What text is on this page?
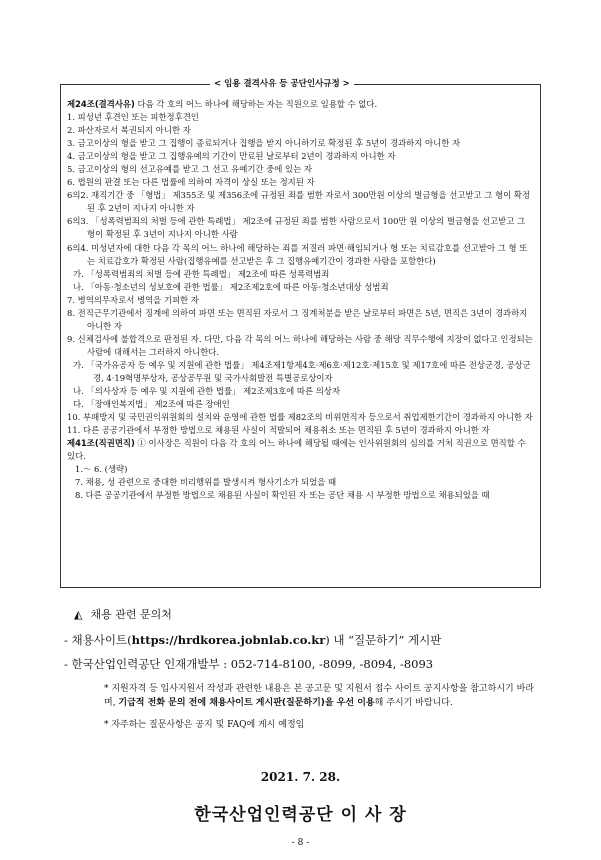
< 임용 결격사유 등 공단인사규정 >

제24조(결격사유) 다음 각 호의 어느 하나에 해당하는 자는 직원으로 임용할 수 없다.

1. 피성년 후견인 또는 피한정후견인

2. 파산자로서 복권되지 아니한 자

3. 금고이상의 형을 받고 그 집행이 종료되거나 집행을 받지 아니하기로 확정된 후 5년이 경과하지 아니한 자

4. 금고이상의 형을 받고 그 집행유예의 기간이 만료된 날로부터 2년이 경과하지 아니한 자

5. 금고이상의 형의 선고유예를 받고 그 선고 유예기간 중에 있는 자

6. 법원의 판결 또는 다른 법률에 의하여 자격이 상실 또는 정지된 자

6의2. 재직기간 중 「형법」 제355조 및 제356조에 규정된 죄를 범한 자로서 300만원 이상의 벌금형을 선고받고 그 형이 확정된 후 2년이 지나지 아니한 자

6의3. 「성폭력범죄의 처벌 등에 관한 특례법」 제2조에 규정된 죄를 범한 사람으로서 100만 원 이상의 벌금형을 선고받고 그 형이 확정된 후 3년이 지나지 아니한 사람

6의4. 미성년자에 대한 다음 각 목의 어느 하나에 해당하는 죄를 저질러 파면·해임되거나 형 또는 치료감호를 선고받아 그 형 또는 치료감호가 확정된 사람(집행유예를 선고받은 후 그 집행유예기간이 경과한 사람을 포함한다)

가. 「성폭력범죄의 처벌 등에 관한 특례법」 제2조에 따른 성폭력범죄

나. 「아동·청소년의 성보호에 관한 법률」 제2조제2호에 따른 아동·청소년대상 성범죄

7. 병역의무자로서 병역을 기피한 자

8. 전직근무기관에서 징계에 의하여 파면 또는 면직된 자로서 그 징계처분을 받은 날로부터 파면은 5년, 면직은 3년이 경과하지 아니한 자

9. 신체검사에 불합격으로 판정된 자. 다만, 다음 각 목의 어느 하나에 해당하는 사람 중 해당 직무수행에 지장이 없다고 인정되는 사람에 대해서는 그러하지 아니한다.

가. 「국가유공자 등 예우 및 지원에 관한 법률」 제4조제1항제4호·제6호·제12호·제15호 및 제17호에 따른 전상군경, 공상군경, 4·19혁명부상자, 공상공무원 및 국가사회발전 특별공로상이자

나. 「의사상자 등 예우 및 지원에 관한 법률」 제2조제3호에 따른 의상자

다. 「장애인복지법」 제2조에 따른 장애인

10. 부패방지 및 국민권익위원회의 설치와 운영에 관한 법률 제82조의 비위면직자 등으로서 취업제한기간이 경과하지 아니한 자

11. 다른 공공기관에서 부정한 방법으로 채용된 사실이 적발되어 채용취소 또는 면직된 후 5년이 경과하지 아니한 자

제41조(직권면직) ① 이사장은 직원이 다음 각 호의 어느 하나에 해당될 때에는 인사위원회의 심의를 거처 직권으로 면직할 수 있다.

1.～ 6. (생략)

7. 채용, 성 관련으로 중대한 비리행위를 발생시켜 형사기소가 되었을 때

8. 다른 공공기관에서 부정한 방법으로 채용된 사실이 확인된 자 또는 공단 채용 시 부정한 방법으로 채용되었을 때

◭ 채용 관련 문의처
- 채용사이트(https://hrdkorea.jobnlab.co.kr) 내 “질문하기” 게시판
- 한국산업인력공단 인재개발부 : 052-714-8100, -8099, -8094, -8093
* 지원자격 등 입사지원서 작성과 관련한 내용은 본 공고문 및 지원서 접수 사이트 공지사항을 참고하시기 바라며, 기급적 전화 문의 전에 채용사이트 게시판(질문하기)을 우선 이용해 주시기 바랍니다.
* 자주하는 질문사항은 공지 및 FAQ에 게시 예정임
2021. 7. 28.
한국산업인력공단 이 사 장
- 8 -
